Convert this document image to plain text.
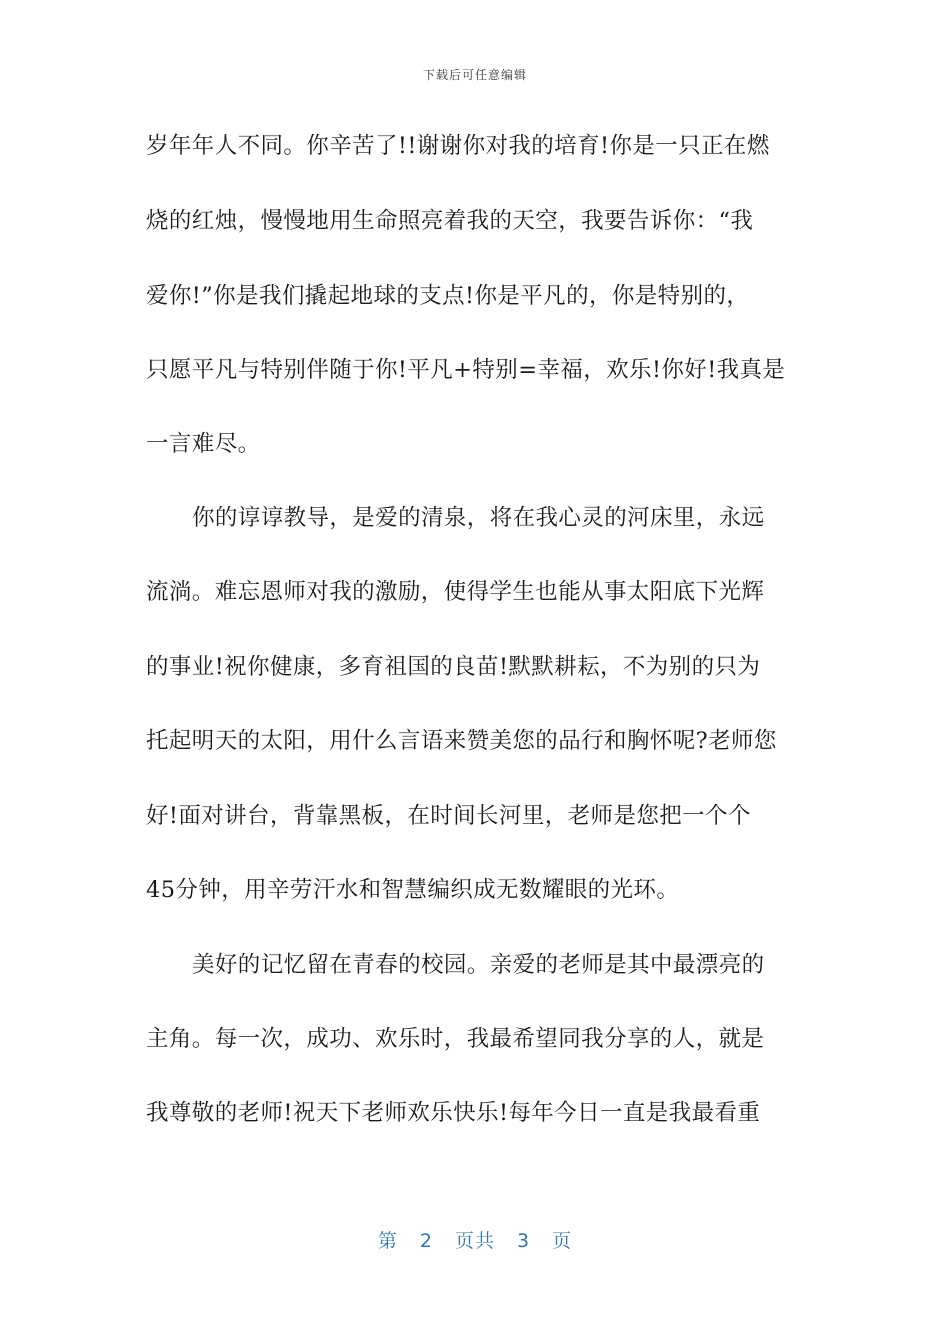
下载后可任意编辑
岁年年人不同。你辛苦了!!谢谢你对我的培育!你是一只正在燃
烧的红烛，慢慢地用生命照亮着我的天空，我要告诉你：“我
爱你!”你是我们撬起地球的支点!你是平凡的，你是特别的，
只愿平凡与特别伴随于你!平凡+特别=幸福，欢乐!你好!我真是
一言难尽。
你的谆谆教导，是爱的清泉，将在我心灵的河床里，永远
流淌。难忘恩师对我的激励，使得学生也能从事太阳底下光辉
的事业!祝你健康，多育祖国的良苗!默默耕耘，不为别的只为
托起明天的太阳，用什么言语来赞美您的品行和胸怀呢?老师您
好!面对讲台，背靠黑板，在时间长河里，老师是您把一个个
45分钟，用辛劳汗水和智慧编织成无数耀眼的光环。
美好的记忆留在青春的校园。亲爱的老师是其中最漂亮的
主角。每一次，成功、欢乐时，我最希望同我分享的人，就是
我尊敬的老师!祝天下老师欢乐快乐!每年今日一直是我最看重
第 2 页共 3 页
